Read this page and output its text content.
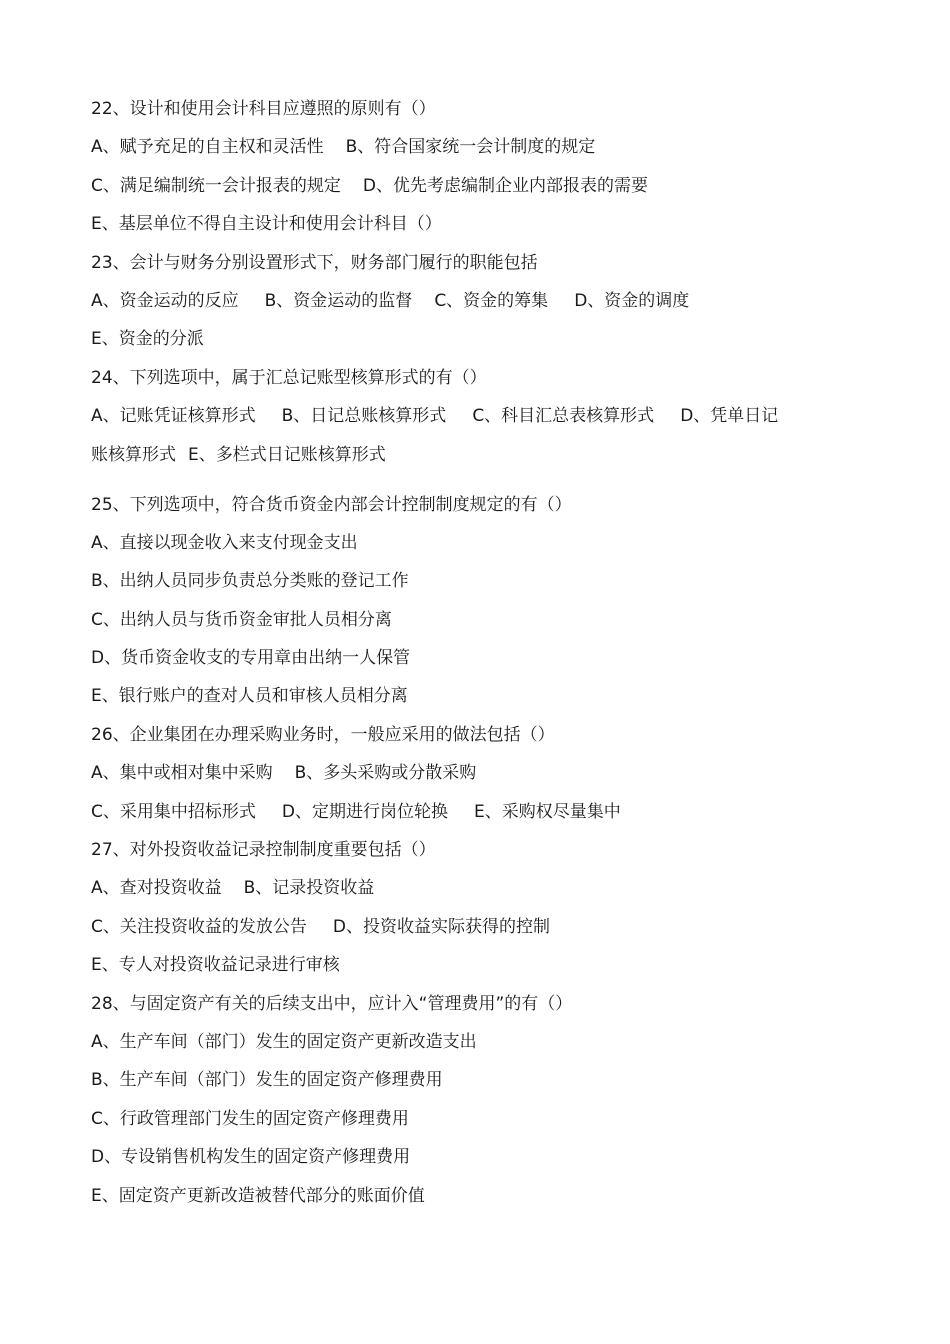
22、设计和使用会计科目应遵照的原则有（）
A、赋予充足的自主权和灵活性 B、符合国家统一会计制度的规定
C、满足编制统一会计报表的规定 D、优先考虑编制企业内部报表的需要
E、基层单位不得自主设计和使用会计科目（）
23、会计与财务分别设置形式下，财务部门履行的职能包括
A、资金运动的反应 B、资金运动的监督 C、资金的筹集 D、资金的调度
E、资金的分派
24、下列选项中，属于汇总记账型核算形式的有（）
A、记账凭证核算形式 B、日记总账核算形式 C、科目汇总表核算形式 D、凭单日记
账核算形式 E、多栏式日记账核算形式
25、下列选项中，符合货币资金内部会计控制制度规定的有（）
A、直接以现金收入来支付现金支出
B、出纳人员同步负责总分类账的登记工作
C、出纳人员与货币资金审批人员相分离
D、货币资金收支的专用章由出纳一人保管
E、银行账户的查对人员和审核人员相分离
26、企业集团在办理采购业务时，一般应采用的做法包括（）
A、集中或相对集中采购 B、多头采购或分散采购
C、采用集中招标形式 D、定期进行岗位轮换 E、采购权尽量集中
27、对外投资收益记录控制制度重要包括（）
A、查对投资收益 B、记录投资收益
C、关注投资收益的发放公告 D、投资收益实际获得的控制
E、专人对投资收益记录进行审核
28、与固定资产有关的后续支出中，应计入“管理费用”的有（）
A、生产车间（部门）发生的固定资产更新改造支出
B、生产车间（部门）发生的固定资产修理费用
C、行政管理部门发生的固定资产修理费用
D、专设销售机构发生的固定资产修理费用
E、固定资产更新改造被替代部分的账面价值
